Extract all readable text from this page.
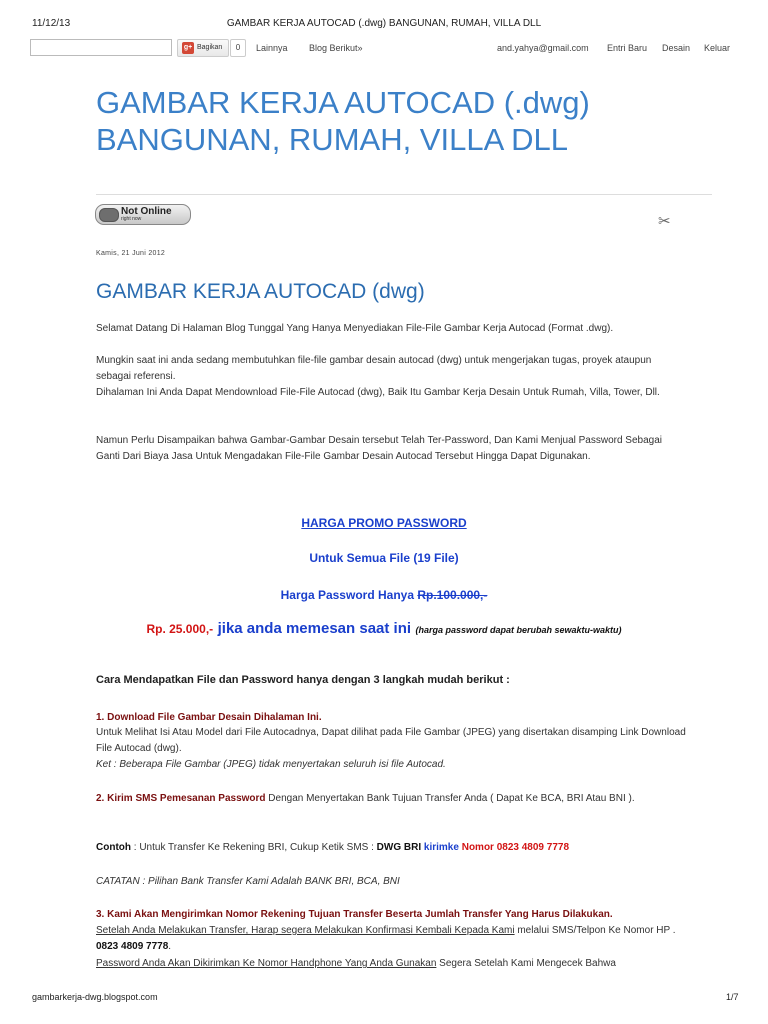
11/12/13	GAMBAR KERJA AUTOCAD (.dwg) BANGUNAN, RUMAH, VILLA DLL
g+ Bagikan	0	Lainnya Blog Berikut»	and.yahya@gmail.com Entri Baru Desain Keluar
GAMBAR KERJA AUTOCAD (.dwg)
BANGUNAN, RUMAH, VILLA DLL
Not Online
right now	✂
Kamis, 21 Juni 2012
GAMBAR KERJA AUTOCAD (dwg)

Selamat Datang Di Halaman Blog Tunggal Yang Hanya Menyediakan File-File Gambar Kerja Autocad (Format .dwg).

Mungkin saat ini anda sedang membutuhkan file-file gambar desain autocad (dwg) untuk mengerjakan tugas, proyek ataupun sebagai referensi.

Dihalaman Ini Anda Dapat Mendownload File-File Autocad (dwg), Baik Itu Gambar Kerja Desain Untuk Rumah, Villa, Tower, Dll.

Namun Perlu Disampaikan bahwa Gambar-Gambar Desain tersebut Telah Ter-Password, Dan Kami Menjual Password Sebagai Ganti Dari Biaya Jasa Untuk Mengadakan File-File Gambar Desain Autocad Tersebut Hingga Dapat Digunakan.

HARGA PROMO PASSWORD

Untuk Semua File (19 File)

Harga Password Hanya Rp.100.000,-

Rp. 25.000,- jika anda memesan saat ini (harga password dapat berubah sewaktu-waktu)

Cara Mendapatkan File dan Password hanya dengan 3 langkah mudah berikut :

1. Download File Gambar Desain Dihalaman Ini.

Untuk Melihat Isi Atau Model dari File Autocadnya, Dapat dilihat pada File Gambar (JPEG) yang disertakan disamping Link Download File Autocad (dwg).

Ket : Beberapa File Gambar (JPEG) tidak menyertakan seluruh isi file Autocad.

2. Kirim SMS Pemesanan Password Dengan Menyertakan Bank Tujuan Transfer Anda ( Dapat Ke BCA, BRI Atau BNI ).

Contoh : Untuk Transfer Ke Rekening BRI, Cukup Ketik SMS : DWG BRI kirimke Nomor 0823 4809 7778

CATATAN : Pilihan Bank Transfer Kami Adalah BANK BRI, BCA, BNI

3. Kami Akan Mengirimkan Nomor Rekening Tujuan Transfer Beserta Jumlah Transfer Yang Harus Dilakukan.

Setelah Anda Melakukan Transfer, Harap segera Melakukan Konfirmasi Kembali Kepada Kami melalui SMS/Telpon Ke Nomor HP . 0823 4809 7778.

Password Anda Akan Dikirimkan Ke Nomor Handphone Yang Anda Gunakan Segera Setelah Kami Mengecek Bahwa

gambarkerja-dwg.blogspot.com	1/7
